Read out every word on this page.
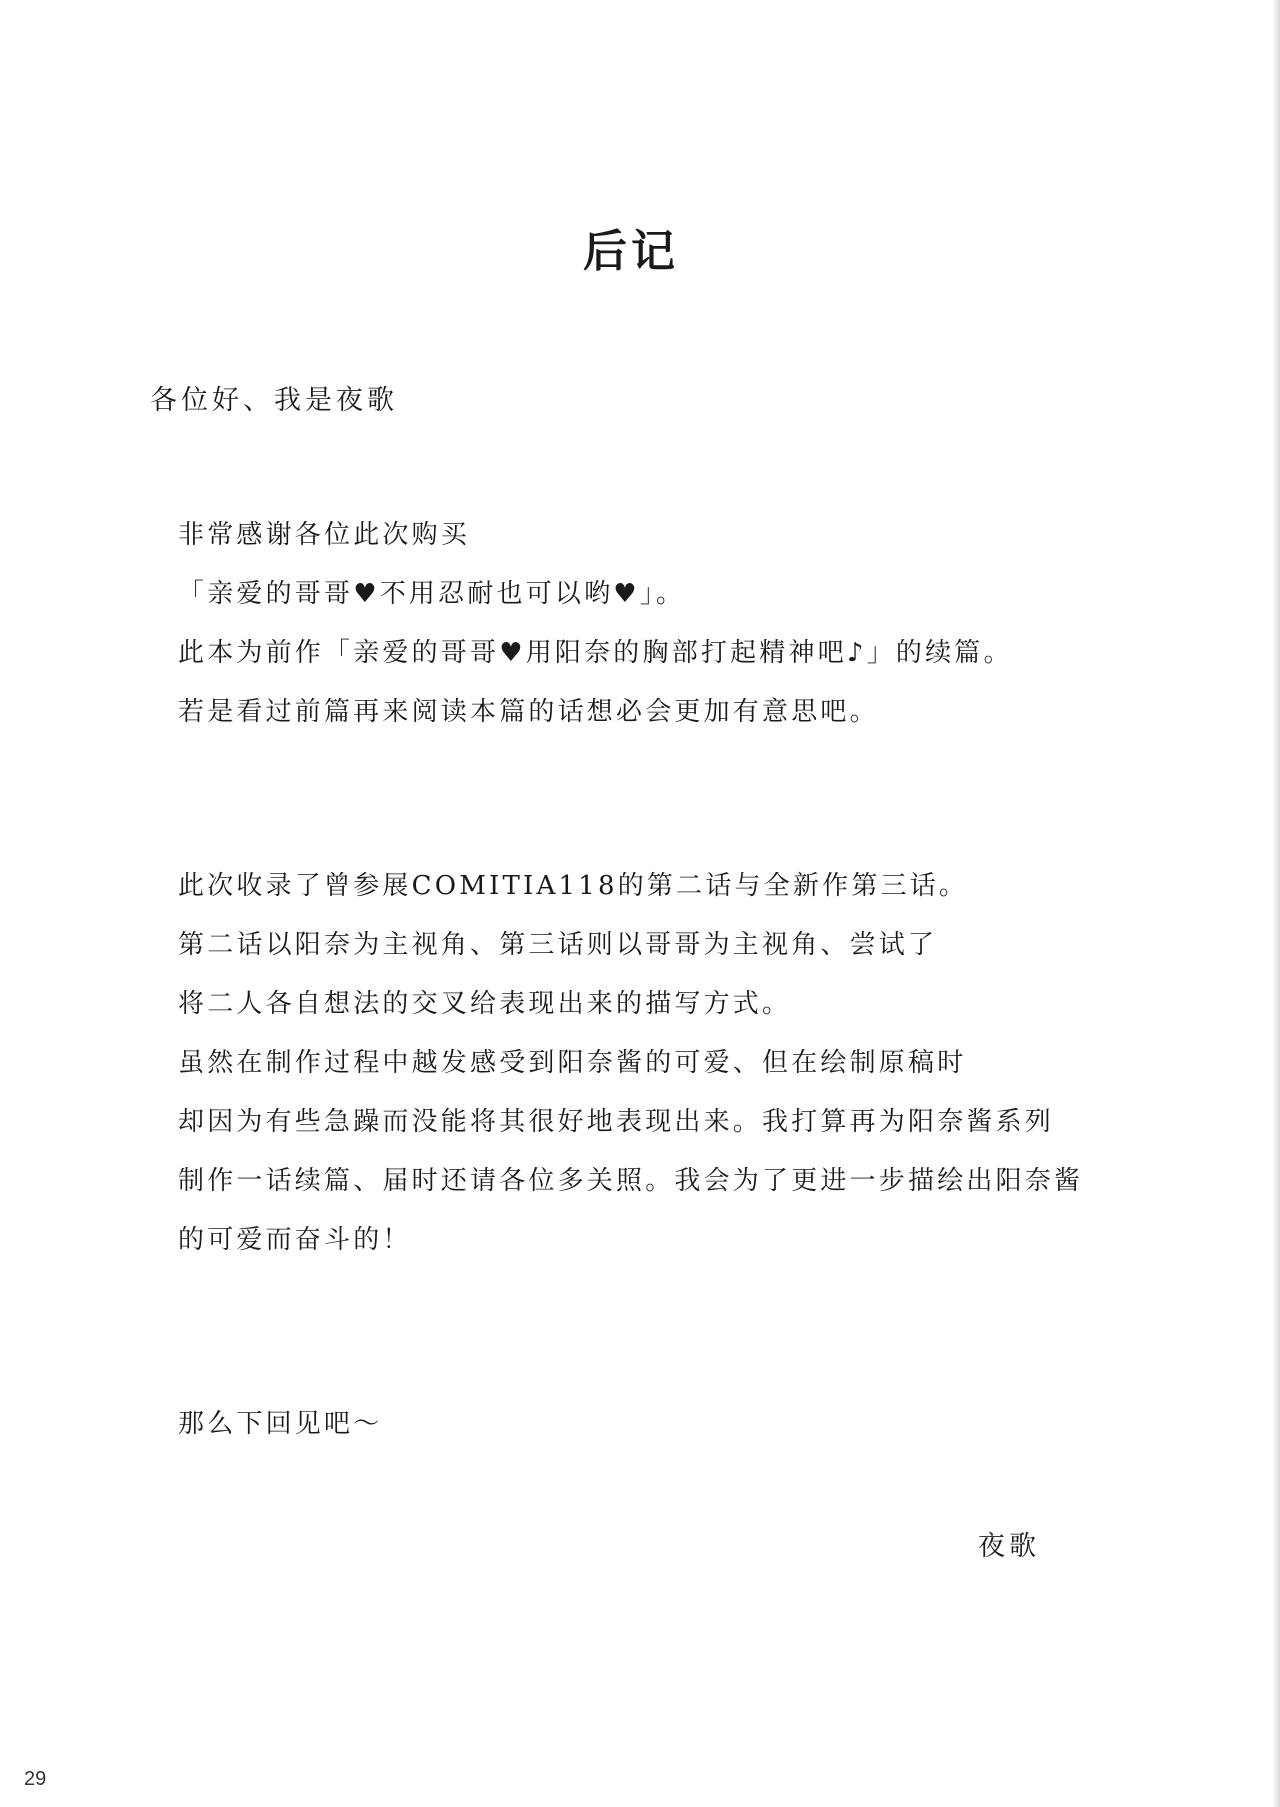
后记
各位好、我是夜歌
非常感谢各位此次购买
「亲爱的哥哥♥不用忍耐也可以哟♥」。
此本为前作「亲爱的哥哥♥用阳奈的胸部打起精神吧♪」的续篇。
若是看过前篇再来阅读本篇的话想必会更加有意思吧。
此次收录了曾参展COMITIA118的第二话与全新作第三话。
第二话以阳奈为主视角、第三话则以哥哥为主视角、尝试了
将二人各自想法的交叉给表现出来的描写方式。
虽然在制作过程中越发感受到阳奈酱的可爱、但在绘制原稿时
却因为有些急躁而没能将其很好地表现出来。我打算再为阳奈酱系列
制作一话续篇、届时还请各位多关照。我会为了更进一步描绘出阳奈酱
的可爱而奋斗的！
那么下回见吧～
夜歌
29
